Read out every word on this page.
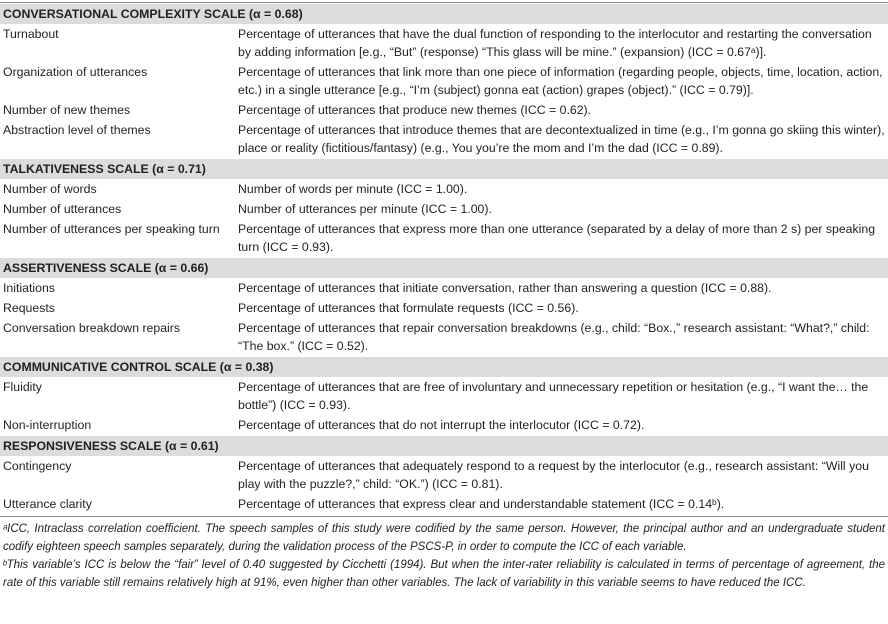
CONVERSATIONAL COMPLEXITY SCALE (α = 0.68)	
Turnabout	Percentage of utterances that have the dual function of responding to the interlocutor and restarting the conversation by adding information [e.g., “But” (response) “This glass will be mine.” (expansion) (ICC = 0.67ᵃ)].
Organization of utterances	Percentage of utterances that link more than one piece of information (regarding people, objects, time, location, action, etc.) in a single utterance [e.g., “I’m (subject) gonna eat (action) grapes (object).” (ICC = 0.79)].
Number of new themes	Percentage of utterances that produce new themes (ICC = 0.62).
Abstraction level of themes	Percentage of utterances that introduce themes that are decontextualized in time (e.g., I’m gonna go skiing this winter), place or reality (fictitious/fantasy) (e.g., You you’re the mom and I’m the dad (ICC = 0.89).
TALKATIVENESS SCALE (α = 0.71)	
Number of words	Number of words per minute (ICC = 1.00).
Number of utterances	Number of utterances per minute (ICC = 1.00).
Number of utterances per speaking turn	Percentage of utterances that express more than one utterance (separated by a delay of more than 2 s) per speaking turn (ICC = 0.93).
ASSERTIVENESS SCALE (α = 0.66)	
Initiations	Percentage of utterances that initiate conversation, rather than answering a question (ICC = 0.88).
Requests	Percentage of utterances that formulate requests (ICC = 0.56).
Conversation breakdown repairs	Percentage of utterances that repair conversation breakdowns (e.g., child: “Box.,” research assistant: “What?,” child: “The box.” (ICC = 0.52).
COMMUNICATIVE CONTROL SCALE (α = 0.38)	
Fluidity	Percentage of utterances that are free of involuntary and unnecessary repetition or hesitation (e.g., “I want the… the bottle”) (ICC = 0.93).
Non-interruption	Percentage of utterances that do not interrupt the interlocutor (ICC = 0.72).
RESPONSIVENESS SCALE (α = 0.61)	
Contingency	Percentage of utterances that adequately respond to a request by the interlocutor (e.g., research assistant: “Will you play with the puzzle?,” child: “OK.”) (ICC = 0.81).
Utterance clarity	Percentage of utterances that express clear and understandable statement (ICC = 0.14ᵇ).

ᵃICC, Intraclass correlation coefficient. The speech samples of this study were codified by the same person. However, the principal author and an undergraduate student codify eighteen speech samples separately, during the validation process of the PSCS-P, in order to compute the ICC of each variable.

ᵇThis variable’s ICC is below the “fair” level of 0.40 suggested by Cicchetti (1994). But when the inter-rater reliability is calculated in terms of percentage of agreement, the rate of this variable still remains relatively high at 91%, even higher than other variables. The lack of variability in this variable seems to have reduced the ICC.
